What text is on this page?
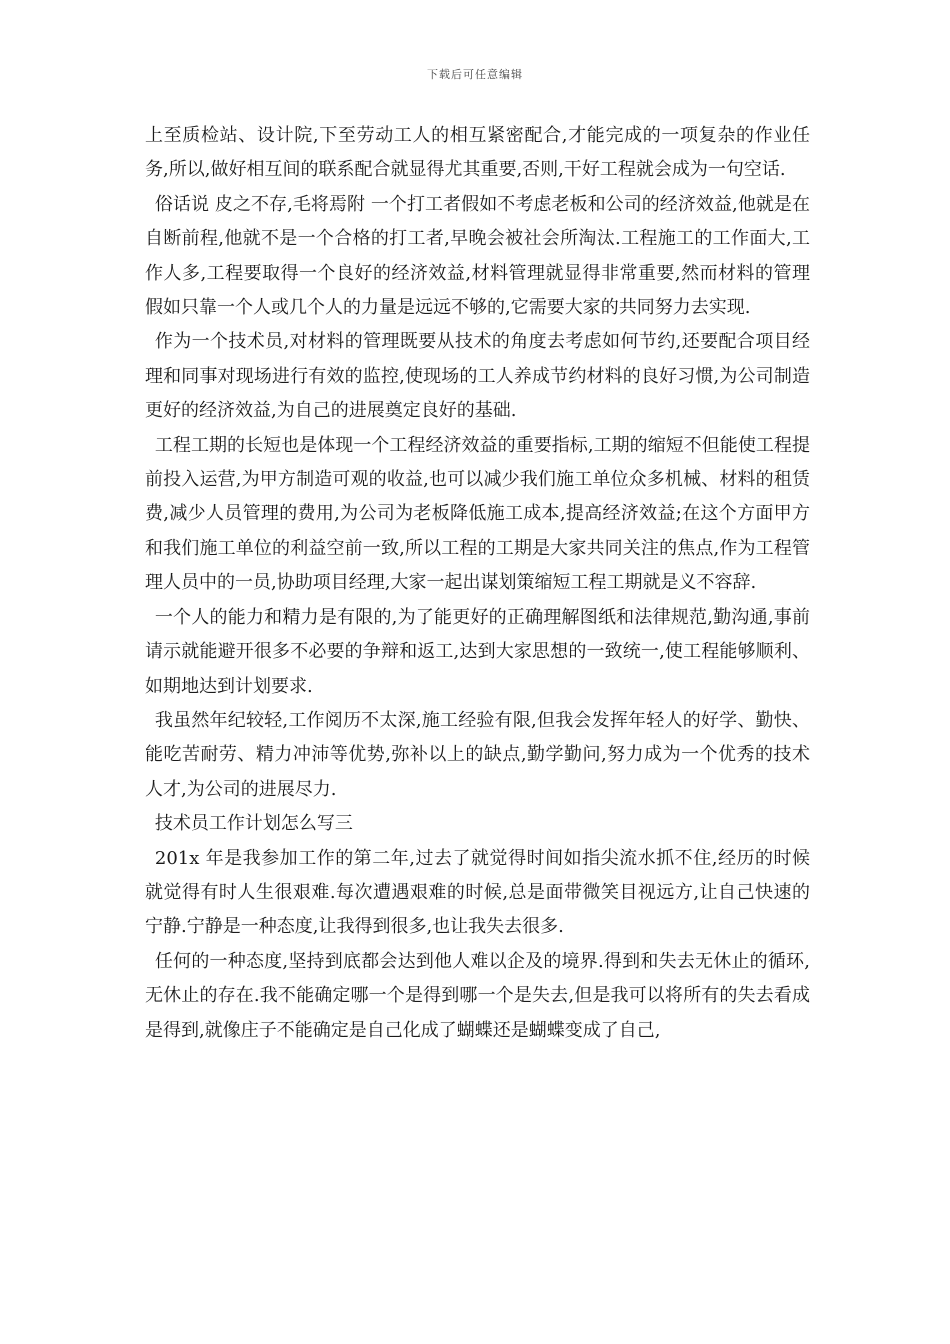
下载后可任意编辑

上至质检站、设计院,下至劳动工人的相互紧密配合,才能完成的一项复杂的作业任务,所以,做好相互间的联系配合就显得尤其重要,否则,干好工程就会成为一句空话.

俗话说 皮之不存,毛将焉附 一个打工者假如不考虑老板和公司的经济效益,他就是在自断前程,他就不是一个合格的打工者,早晚会被社会所淘汰.工程施工的工作面大,工作人多,工程要取得一个良好的经济效益,材料管理就显得非常重要,然而材料的管理假如只靠一个人或几个人的力量是远远不够的,它需要大家的共同努力去实现.

作为一个技术员,对材料的管理既要从技术的角度去考虑如何节约,还要配合项目经理和同事对现场进行有效的监控,使现场的工人养成节约材料的良好习惯,为公司制造更好的经济效益,为自己的进展奠定良好的基础.

工程工期的长短也是体现一个工程经济效益的重要指标,工期的缩短不但能使工程提前投入运营,为甲方制造可观的收益,也可以减少我们施工单位众多机械、材料的租赁费,减少人员管理的费用,为公司为老板降低施工成本,提高经济效益;在这个方面甲方和我们施工单位的利益空前一致,所以工程的工期是大家共同关注的焦点,作为工程管理人员中的一员,协助项目经理,大家一起出谋划策缩短工程工期就是义不容辞.

一个人的能力和精力是有限的,为了能更好的正确理解图纸和法律规范,勤沟通,事前请示就能避开很多不必要的争辩和返工,达到大家思想的一致统一,使工程能够顺利、如期地达到计划要求.

我虽然年纪较轻,工作阅历不太深,施工经验有限,但我会发挥年轻人的好学、勤快、能吃苦耐劳、精力冲沛等优势,弥补以上的缺点,勤学勤问,努力成为一个优秀的技术人才,为公司的进展尽力.

技术员工作计划怎么写三

201x 年是我参加工作的第二年,过去了就觉得时间如指尖流水抓不住,经历的时候就觉得有时人生很艰难.每次遭遇艰难的时候,总是面带微笑目视远方,让自己快速的宁静.宁静是一种态度,让我得到很多,也让我失去很多.

任何的一种态度,坚持到底都会达到他人难以企及的境界.得到和失去无休止的循环,无休止的存在.我不能确定哪一个是得到哪一个是失去,但是我可以将所有的失去看成是得到,就像庄子不能确定是自己化成了蝴蝶还是蝴蝶变成了自己,
